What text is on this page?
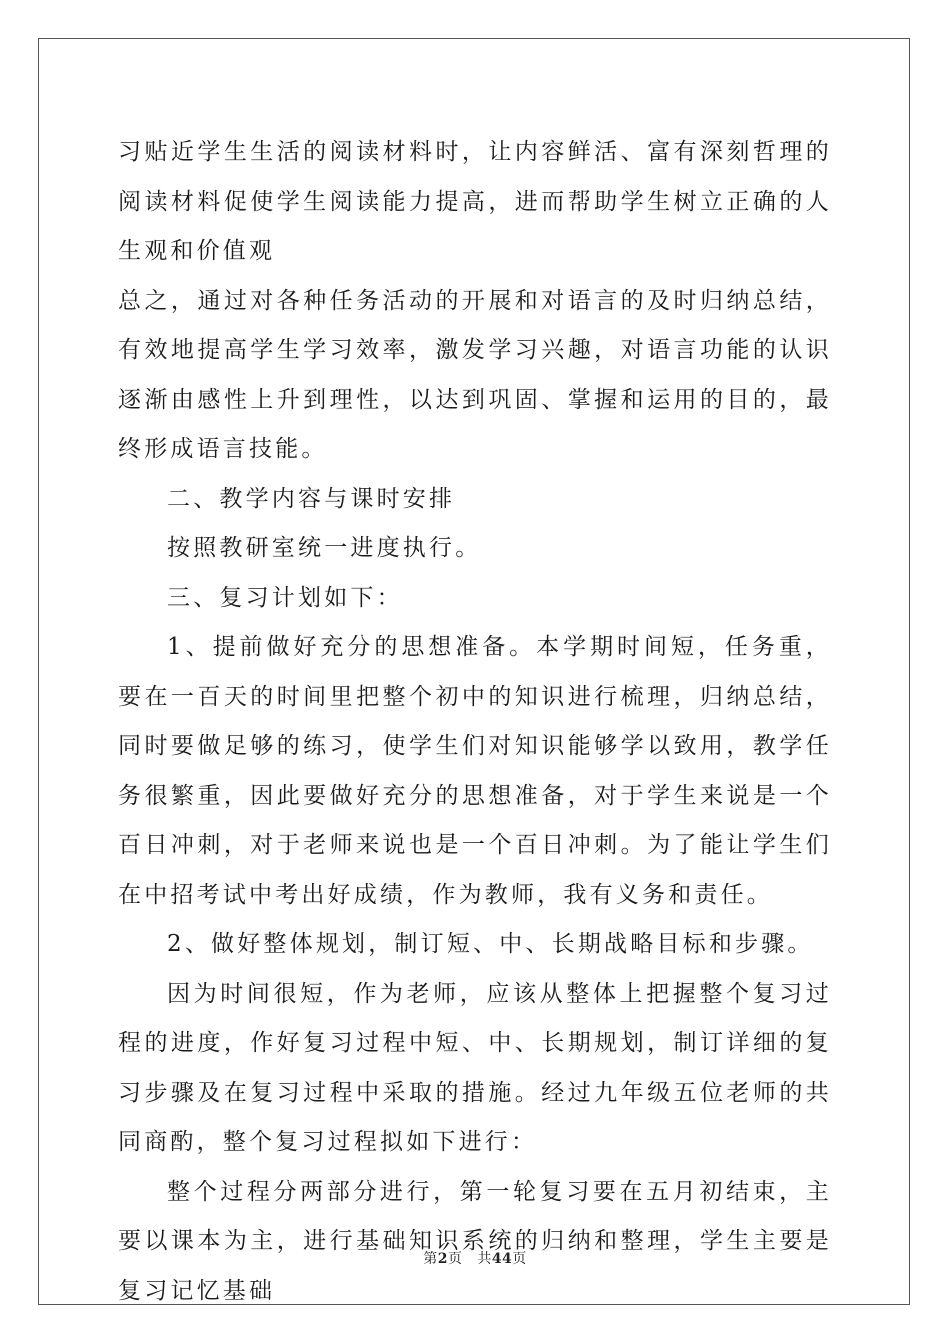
习贴近学生生活的阅读材料时，让内容鲜活、富有深刻哲理的阅读材料促使学生阅读能力提高，进而帮助学生树立正确的人生观和价值观

总之，通过对各种任务活动的开展和对语言的及时归纳总结，有效地提高学生学习效率，激发学习兴趣，对语言功能的认识逐渐由感性上升到理性，以达到巩固、掌握和运用的目的，最终形成语言技能。

二、教学内容与课时安排

按照教研室统一进度执行。

三、复习计划如下：

1、提前做好充分的思想准备。本学期时间短，任务重，要在一百天的时间里把整个初中的知识进行梳理，归纳总结，同时要做足够的练习，使学生们对知识能够学以致用，教学任务很繁重，因此要做好充分的思想准备，对于学生来说是一个百日冲刺，对于老师来说也是一个百日冲刺。为了能让学生们在中招考试中考出好成绩，作为教师，我有义务和责任。

2、做好整体规划，制订短、中、长期战略目标和步骤。

因为时间很短，作为老师，应该从整体上把握整个复习过程的进度，作好复习过程中短、中、长期规划，制订详细的复习步骤及在复习过程中采取的措施。经过九年级五位老师的共同商酌，整个复习过程拟如下进行：

整个过程分两部分进行，第一轮复习要在五月初结束，主要以课本为主，进行基础知识系统的归纳和整理，学生主要是复习记忆基础

第2页 共44页
